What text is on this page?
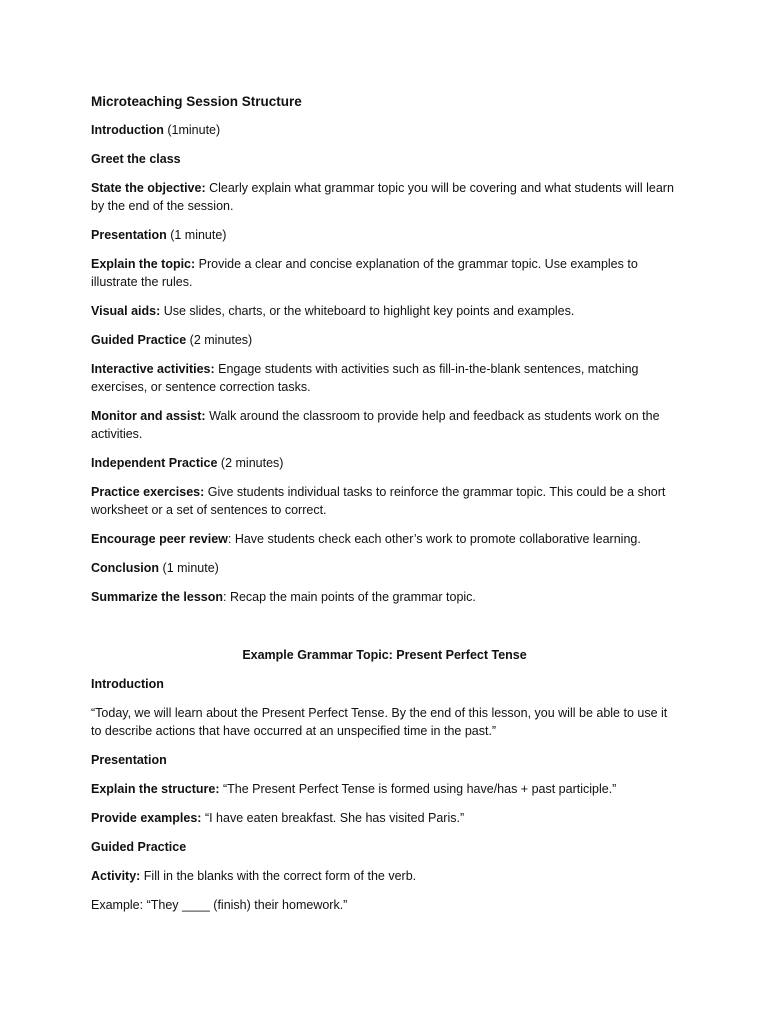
Microteaching Session Structure

Introduction (1minute)

Greet the class

State the objective: Clearly explain what grammar topic you will be covering and what students will learn by the end of the session.

Presentation (1 minute)

Explain the topic: Provide a clear and concise explanation of the grammar topic. Use examples to illustrate the rules.

Visual aids: Use slides, charts, or the whiteboard to highlight key points and examples.

Guided Practice (2 minutes)

Interactive activities: Engage students with activities such as fill-in-the-blank sentences, matching exercises, or sentence correction tasks.

Monitor and assist: Walk around the classroom to provide help and feedback as students work on the activities.

Independent Practice (2 minutes)

Practice exercises: Give students individual tasks to reinforce the grammar topic. This could be a short worksheet or a set of sentences to correct.

Encourage peer review: Have students check each other’s work to promote collaborative learning.

Conclusion (1 minute)

Summarize the lesson: Recap the main points of the grammar topic.

Example Grammar Topic: Present Perfect Tense

Introduction

“Today, we will learn about the Present Perfect Tense. By the end of this lesson, you will be able to use it to describe actions that have occurred at an unspecified time in the past.”

Presentation

Explain the structure: “The Present Perfect Tense is formed using have/has + past participle.”

Provide examples: “I have eaten breakfast. She has visited Paris.”

Guided Practice

Activity: Fill in the blanks with the correct form of the verb.

Example: “They ____ (finish) their homework.”
